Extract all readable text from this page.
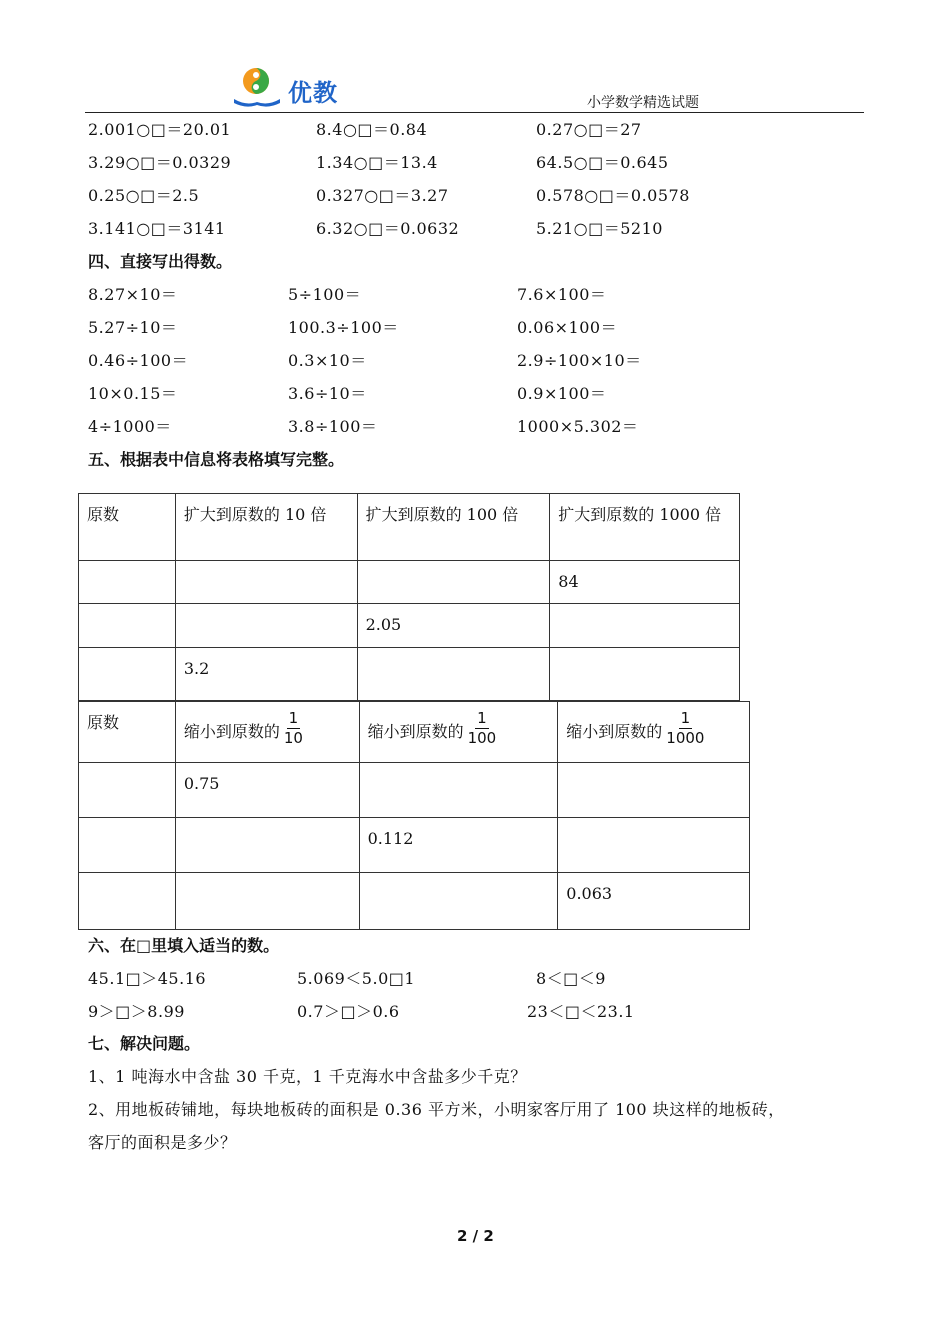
优教	小学数学精选试题
2.001○□＝20.01	8.4○□＝0.84	0.27○□＝27
3.29○□＝0.0329	1.34○□＝13.4	64.5○□＝0.645
0.25○□＝2.5	0.327○□＝3.27	0.578○□＝0.0578
3.141○□＝3141	6.32○□＝0.0632	5.21○□＝5210
四、直接写出得数。
8.27×10＝	5÷100＝	7.6×100＝
5.27÷10＝	100.3÷100＝	0.06×100＝
0.46÷100＝	0.3×10＝	2.9÷100×10＝
10×0.15＝	3.6÷10＝	0.9×100＝
4÷1000＝	3.8÷100＝	1000×5.302＝
五、根据表中信息将表格填写完整。
原数	扩大到原数的 10 倍	扩大到原数的 100 倍	扩大到原数的 1000 倍
			84
		2.05	
	3.2		
原数	缩小到原数的 $\frac{1}{10}$	缩小到原数的 $\frac{1}{100}$	缩小到原数的 $\frac{1}{1000}$

	0.75		
		0.112	
			0.063
六、在□里填入适当的数。
45.1□＞45.16	5.069＜5.0□1	8＜□＜9
9＞□＞8.99	0.7＞□＞0.6	23＜□＜23.1
七、解决问题。
1、1 吨海水中含盐 30 千克，1 千克海水中含盐多少千克？
2、用地板砖铺地，每块地板砖的面积是 0.36 平方米，小明家客厅用了 100 块这样的地板砖，
客厅的面积是多少？
2 / 2
